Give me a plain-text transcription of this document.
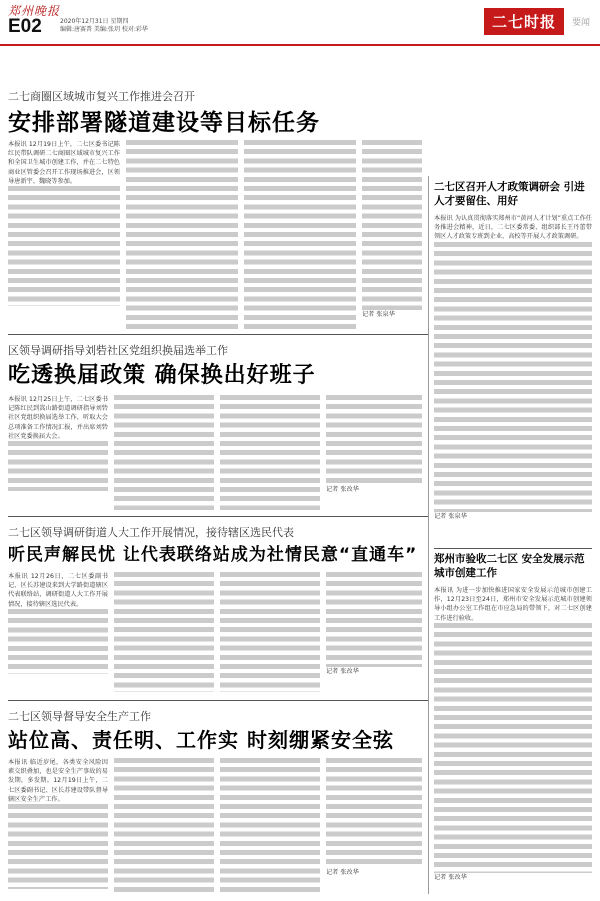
郑州晚报
E02	2020年12月31日 星期四
编辑:唐赛普 美编:张玥 校对:彩华	二七时报	要闻
二七商圈区域城市复兴工作推进会召开
安排部署隧道建设等目标任务
本报讯 12月19日上午，二七区委书记陈红民带队调研二七商圈区域城市复兴工作和全国卫生城市创建工作，并在二七特色商业区管委会召开工作现场推进会，区领导唐新宇、魏晓等参加。
记者 张泉华
区领导调研指导刘砦社区党组织换届选举工作
吃透换届政策 确保换出好班子
本报讯 12月25日上午，二七区委书记陈红民到嵩山路街道调研指导刘砦社区党组织换届选举工作，听取大会总项准备工作情况汇报，并出席刘砦社区党委换届大会。
记者 张改华
二七区领导调研街道人大工作开展情况，接待辖区选民代表
听民声解民忧 让代表联络站成为社情民意“直通车”
本报讯 12月26日，二七区委副书记、区长苏建设来到大学路街道辖区代表联络站，调研街道人大工作开展情况，接待辖区选民代表。
记者 张改华
二七区领导督导安全生产工作
站位高、责任明、工作实 时刻绷紧安全弦
本报讯 临近岁尾，各类安全风险因素交织叠加，也是安全生产事故的易发期，多发期。12月19日上午，二七区委副书记、区长苏建设带队督导辖区安全生产工作。
记者 张改华
二七区召开人才政策调研会 引进人才要留住、用好
本报讯 为认真贯彻落实郑州市“黄河人才计划”重点工作任务推进会精神，近日，二七区委常委、组织部长王丹蕾带领区人才政策专班到企业、高校等开展人才政策调研。
记者 张泉华
郑州市验收二七区 安全发展示范城市创建工作
本报讯 为进一步加快推进国家安全发展示范城市创建工作，12月23日至24日，郑州市安全发展示范城市创建领导小组办公室工作组在市应急局的带领下，对二七区创建工作进行验收。
记者 张改华
